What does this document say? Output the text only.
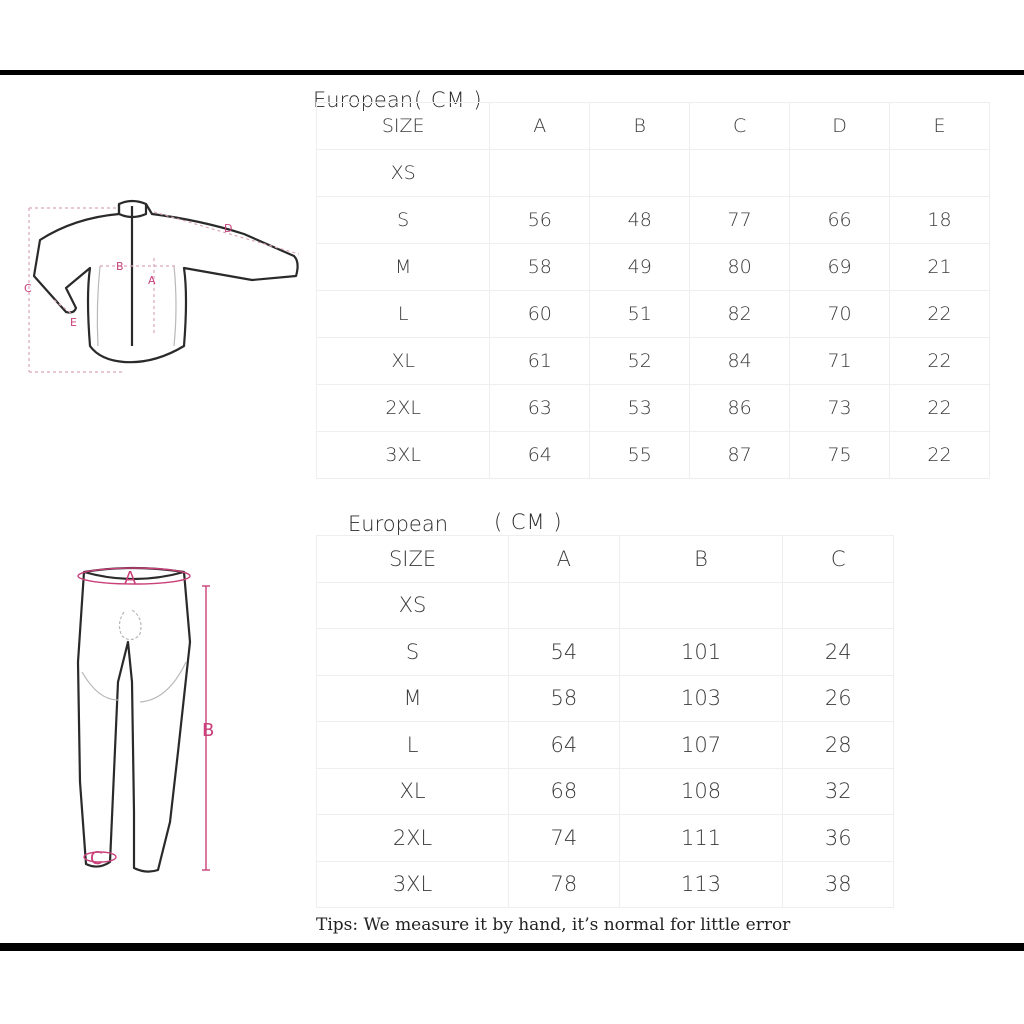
European ( CM )
SIZE	A	B	C	D	E
XS					
S	56	48	77	66	18
M	58	49	80	69	21
L	60	51	82	70	22
XL	61	52	84	71	22
2XL	63	53	86	73	22
3XL	64	55	87	75	22
A
B
C
D
E
European ( CM )
SIZE	A	B	C
XS			
S	54	101	24
M	58	103	26
L	64	107	28
XL	68	108	32
2XL	74	111	36
3XL	78	113	38
A
B
C
Tips: We measure it by hand, it’s normal for little error
